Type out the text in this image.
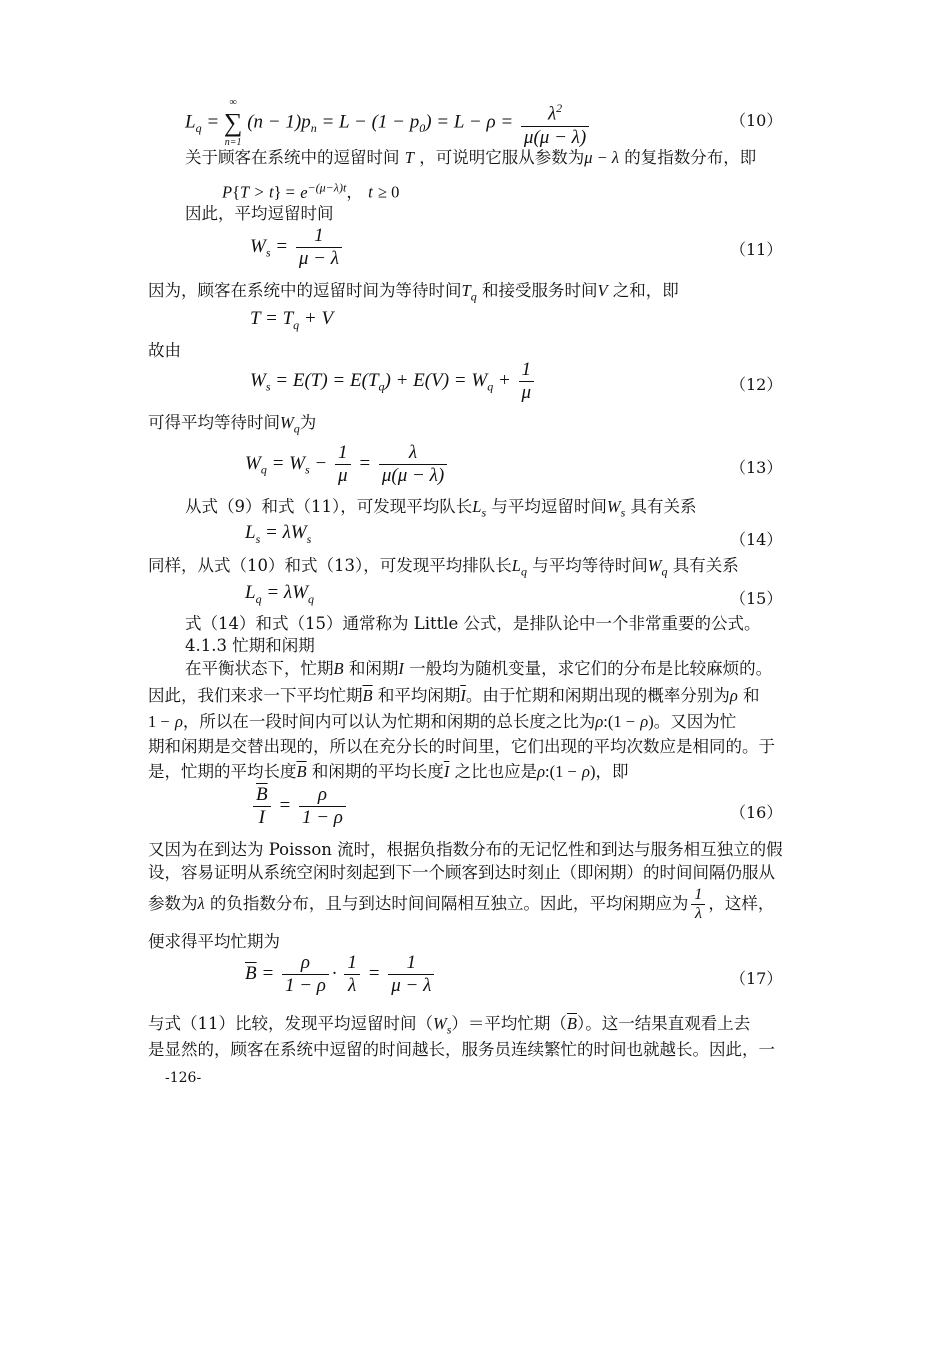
$L_q$ =
∞
∑
n=1
$(n - 1)p_n = L - (1 - p_0) = L - \rho = \frac{\lambda^2}{\mu(\mu - \lambda)}$	（10）
关于顾客在系统中的逗留时间 T ，可说明它服从参数为μ − λ 的复指数分布，即
$P\{T > t\} = e^{-(\mu-\lambda)t}$， t ≥ 0
因此，平均逗留时间
$W_s = \frac{1}{\mu - \lambda}$	（11）
因为，顾客在系统中的逗留时间为等待时间$T_q$ 和接受服务时间V 之和，即
$T = T_q + V$
故由
$W_s = E(T) = E(T_q) + E(V) = W_q + \frac{1}{\mu}$	（12）
可得平均等待时间$W_q$为
$W_q = W_s - \frac{1}{\mu} = \frac{\lambda}{\mu(\mu - \lambda)}$	（13）
从式（9）和式（11），可发现平均队长$L_s$ 与平均逗留时间$W_s$ 具有关系
$L_s = \lambda W_s$	（14）
同样，从式（10）和式（13），可发现平均排队长$L_q$ 与平均等待时间$W_q$ 具有关系
$L_q = \lambda W_q$	（15）
式（14）和式（15）通常称为 Little 公式，是排队论中一个非常重要的公式。
4.1.3 忙期和闲期
在平衡状态下，忙期B 和闲期I 一般均为随机变量，求它们的分布是比较麻烦的。
因此，我们来求一下平均忙期$\overline{B}$ 和平均闲期$\overline{I}$。由于忙期和闲期出现的概率分别为ρ 和
1 − ρ，所以在一段时间内可以认为忙期和闲期的总长度之比为ρ:(1 − ρ)。又因为忙
期和闲期是交替出现的，所以在充分长的时间里，它们出现的平均次数应是相同的。于
是，忙期的平均长度$\overline{B}$ 和闲期的平均长度$\overline{I}$ 之比也应是ρ:(1 − ρ)，即
$\frac{\overline{B}}{I} = \frac{\rho}{1 - \rho}$	（16）
又因为在到达为 Poisson 流时，根据负指数分布的无记忆性和到达与服务相互独立的假
设，容易证明从系统空闲时刻起到下一个顾客到达时刻止（即闲期）的时间间隔仍服从
参数为λ 的负指数分布，且与到达时间间隔相互独立。因此，平均闲期应为 $\frac{1}{\lambda}$ ，这样，
便求得平均忙期为
$\overline{B} = \frac{\rho}{1 - \rho} \cdot \frac{1}{\lambda} = \frac{1}{\mu - \lambda}$	（17）
与式（11）比较，发现平均逗留时间$(W_s)=$平均忙期$(\overline{B})$。这一结果直观看上去
是显然的，顾客在系统中逗留的时间越长，服务员连续繁忙的时间也就越长。因此，一
-126-
